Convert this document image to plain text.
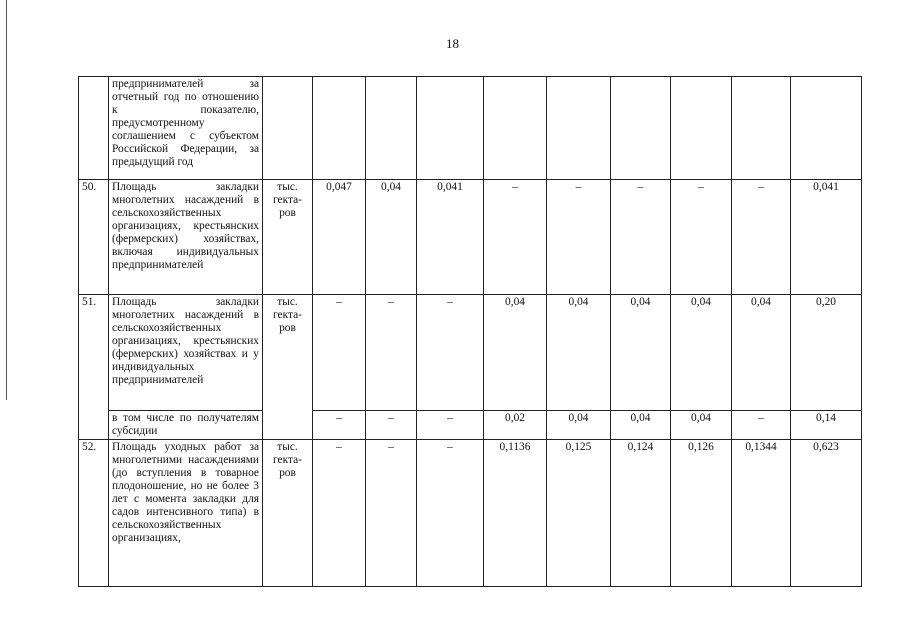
18
	предпринимателей за отчетный год по отношению к показателю, предусмотренному соглашением с субъектом Российской Федерации, за предыдущий год										
50.	Площадь закладки многолетних насаждений в сельскохозяйственных организациях, крестьянских (фермерских) хозяйствах, включая индивидуальных предпринимателей	тыс.
гекта-
ров	0,047	0,04	0,041	–	–	–	–	–	0,041
51.	Площадь закладки многолетних насаждений в сельскохозяйственных организациях, крестьянских (фермерских) хозяйствах и у индивидуальных предпринимателей	тыс.
гекта-
ров	–	–	–	0,04	0,04	0,04	0,04	0,04	0,20
	в том числе по получателям субсидии		–	–	–	0,02	0,04	0,04	0,04	–	0,14
52.	Площадь уходных работ за многолетними насаждениями (до вступления в товарное плодоношение, но не более 3 лет с момента закладки для садов интенсивного типа) в сельскохозяйственных организациях,	тыс.
гекта-
ров	–	–	–	0,1136	0,125	0,124	0,126	0,1344	0,623
